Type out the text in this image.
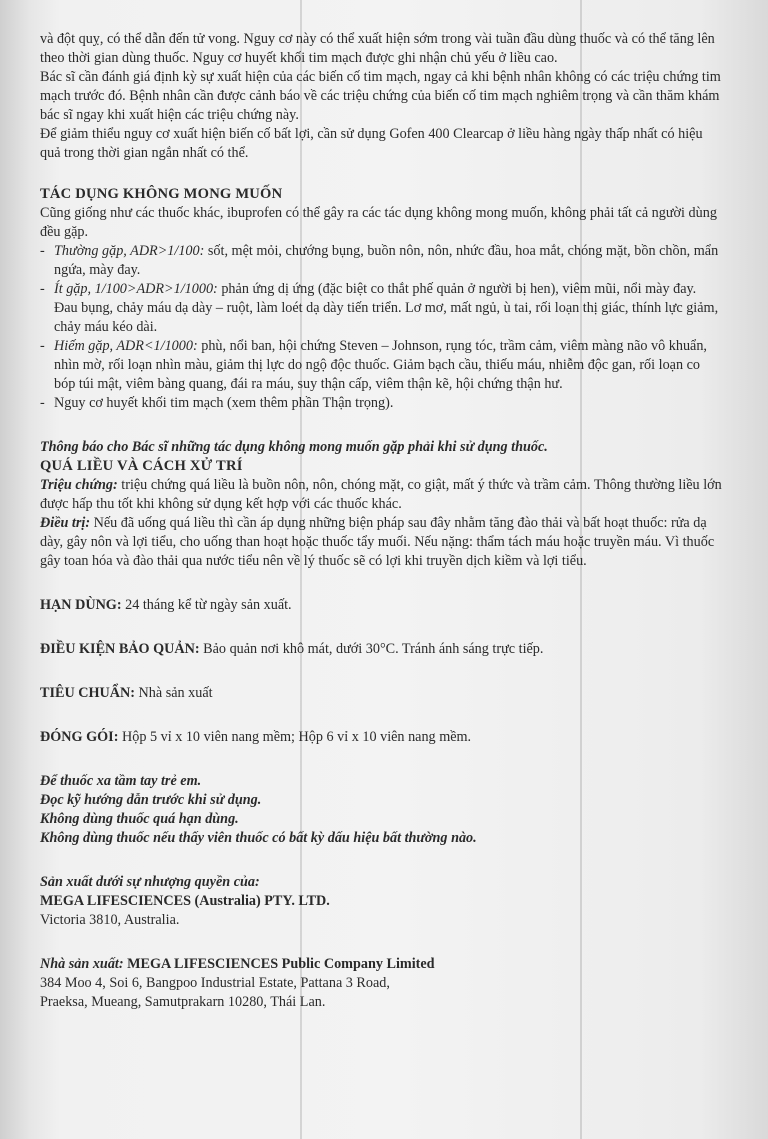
và đột quỵ, có thể dẫn đến tử vong. Nguy cơ này có thể xuất hiện sớm trong vài tuần đầu dùng thuốc và có thể tăng lên theo thời gian dùng thuốc. Nguy cơ huyết khối tim mạch được ghi nhận chủ yếu ở liều cao.

Bác sĩ cần đánh giá định kỳ sự xuất hiện của các biến cố tim mạch, ngay cả khi bệnh nhân không có các triệu chứng tim mạch trước đó. Bệnh nhân cần được cảnh báo về các triệu chứng của biến cố tim mạch nghiêm trọng và cần thăm khám bác sĩ ngay khi xuất hiện các triệu chứng này.

Để giảm thiểu nguy cơ xuất hiện biến cố bất lợi, cần sử dụng Gofen 400 Clearcap ở liều hàng ngày thấp nhất có hiệu quả trong thời gian ngắn nhất có thể.

TÁC DỤNG KHÔNG MONG MUỐN

Cũng giống như các thuốc khác, ibuprofen có thể gây ra các tác dụng không mong muốn, không phải tất cả người dùng đều gặp.

- Thường gặp, ADR>1/100: sốt, mệt mỏi, chướng bụng, buồn nôn, nôn, nhức đầu, hoa mắt, chóng mặt, bồn chồn, mẩn ngứa, mày đay.
- Ít gặp, 1/100>ADR>1/1000: phản ứng dị ứng (đặc biệt co thắt phế quản ở người bị hen), viêm mũi, nổi mày đay. Đau bụng, chảy máu dạ dày – ruột, làm loét dạ dày tiến triển. Lơ mơ, mất ngủ, ù tai, rối loạn thị giác, thính lực giảm, chảy máu kéo dài.
- Hiếm gặp, ADR<1/1000: phù, nổi ban, hội chứng Steven – Johnson, rụng tóc, trầm cảm, viêm màng não vô khuẩn, nhìn mờ, rối loạn nhìn màu, giảm thị lực do ngộ độc thuốc. Giảm bạch cầu, thiếu máu, nhiễm độc gan, rối loạn co bóp túi mật, viêm bàng quang, đái ra máu, suy thận cấp, viêm thận kẽ, hội chứng thận hư.
- Nguy cơ huyết khối tim mạch (xem thêm phần Thận trọng).

Thông báo cho Bác sĩ những tác dụng không mong muốn gặp phải khi sử dụng thuốc.

QUÁ LIỀU VÀ CÁCH XỬ TRÍ

Triệu chứng: triệu chứng quá liều là buồn nôn, nôn, chóng mặt, co giật, mất ý thức và trầm cảm. Thông thường liều lớn được hấp thu tốt khi không sử dụng kết hợp với các thuốc khác.

Điều trị: Nếu đã uống quá liều thì cần áp dụng những biện pháp sau đây nhằm tăng đào thải và bất hoạt thuốc: rửa dạ dày, gây nôn và lợi tiểu, cho uống than hoạt hoặc thuốc tẩy muối. Nếu nặng: thẩm tách máu hoặc truyền máu. Vì thuốc gây toan hóa và đào thải qua nước tiểu nên về lý thuốc sẽ có lợi khi truyền dịch kiềm và lợi tiểu.

HẠN DÙNG: 24 tháng kể từ ngày sản xuất.

ĐIỀU KIỆN BẢO QUẢN: Bảo quản nơi khô mát, dưới 30°C. Tránh ánh sáng trực tiếp.

TIÊU CHUẨN: Nhà sản xuất

ĐÓNG GÓI: Hộp 5 vỉ x 10 viên nang mềm; Hộp 6 vỉ x 10 viên nang mềm.

Để thuốc xa tầm tay trẻ em.
Đọc kỹ hướng dẫn trước khi sử dụng.
Không dùng thuốc quá hạn dùng.
Không dùng thuốc nếu thấy viên thuốc có bất kỳ dấu hiệu bất thường nào.
Sản xuất dưới sự nhượng quyền của:
MEGA LIFESCIENCES (Australia) PTY. LTD.
Victoria 3810, Australia.
Nhà sản xuất: MEGA LIFESCIENCES Public Company Limited
384 Moo 4, Soi 6, Bangpoo Industrial Estate, Pattana 3 Road,
Praeksa, Mueang, Samutprakarn 10280, Thái Lan.
